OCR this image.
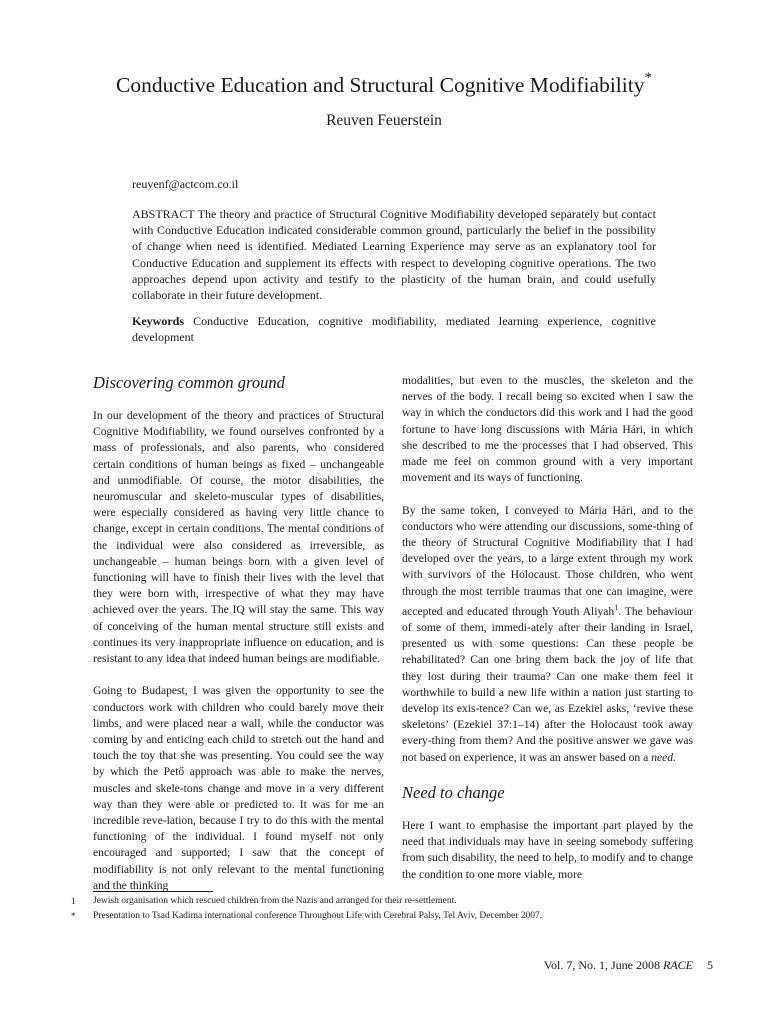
Conductive Education and Structural Cognitive Modifiability*
Reuven Feuerstein
reuvenf@actcom.co.il
ABSTRACT The theory and practice of Structural Cognitive Modifiability developed separately but contact with Conductive Education indicated considerable common ground, particularly the belief in the possibility of change when need is identified. Mediated Learning Experience may serve as an explanatory tool for Conductive Education and supplement its effects with respect to developing cognitive operations. The two approaches depend upon activity and testify to the plasticity of the human brain, and could usefully collaborate in their future development.
Keywords Conductive Education, cognitive modifiability, mediated learning experience, cognitive development
Discovering common ground

In our development of the theory and practices of Structural Cognitive Modifiability, we found ourselves confronted by a mass of professionals, and also parents, who considered certain conditions of human beings as fixed – unchangeable and unmodifiable. Of course, the motor disabilities, the neuromuscular and skeleto-muscular types of disabilities, were especially considered as having very little chance to change, except in certain conditions. The mental conditions of the individual were also considered as irreversible, as unchangeable – human beings born with a given level of functioning will have to finish their lives with the level that they were born with, irrespective of what they may have achieved over the years. The IQ will stay the same. This way of conceiving of the human mental structure still exists and continues its very inappropriate influence on education, and is resistant to any idea that indeed human beings are modifiable.

Going to Budapest, I was given the opportunity to see the conductors work with children who could barely move their limbs, and were placed near a wall, while the conductor was coming by and enticing each child to stretch out the hand and touch the toy that she was presenting. You could see the way by which the Pető approach was able to make the nerves, muscles and skele-tons change and move in a very different way than they were able or predicted to. It was for me an incredible reve-lation, because I try to do this with the mental functioning of the individual. I found myself not only encouraged and supported; I saw that the concept of modifiability is not only relevant to the mental functioning and the thinking

modalities, but even to the muscles, the skeleton and the nerves of the body. I recall being so excited when I saw the way in which the conductors did this work and I had the good fortune to have long discussions with Mária Hári, in which she described to me the processes that I had observed. This made me feel on common ground with a very important movement and its ways of functioning.

By the same token, I conveyed to Mária Hári, and to the conductors who were attending our discussions, some-thing of the theory of Structural Cognitive Modifiability that I had developed over the years, to a large extent through my work with survivors of the Holocaust. Those children, who went through the most terrible traumas that one can imagine, were accepted and educated through Youth Aliyah$^1$. The behaviour of some of them, immedi-ately after their landing in Israel, presented us with some questions: Can these people be rehabilitated? Can one bring them back the joy of life that they lost during their trauma? Can one make them feel it worthwhile to build a new life within a nation just starting to develop its exis-tence? Can we, as Ezekiel asks, ‘revive these skeletons’ (Ezekiel 37:1–14) after the Holocaust took away every-thing from them? And the positive answer we gave was not based on experience, it was an answer based on a need.

Need to change

Here I want to emphasise the important part played by the need that individuals may have in seeing somebody suffering from such disability, the need to help, to modify and to change the condition to one more viable, more

1 Jewish organisation which rescued children from the Nazis and arranged for their re-settlement.
* Presentation to Tsad Kadima international conference Throughout Life with Cerebral Palsy, Tel Aviv, December 2007.
Vol. 7, No. 1, June 2008 RACE 5
